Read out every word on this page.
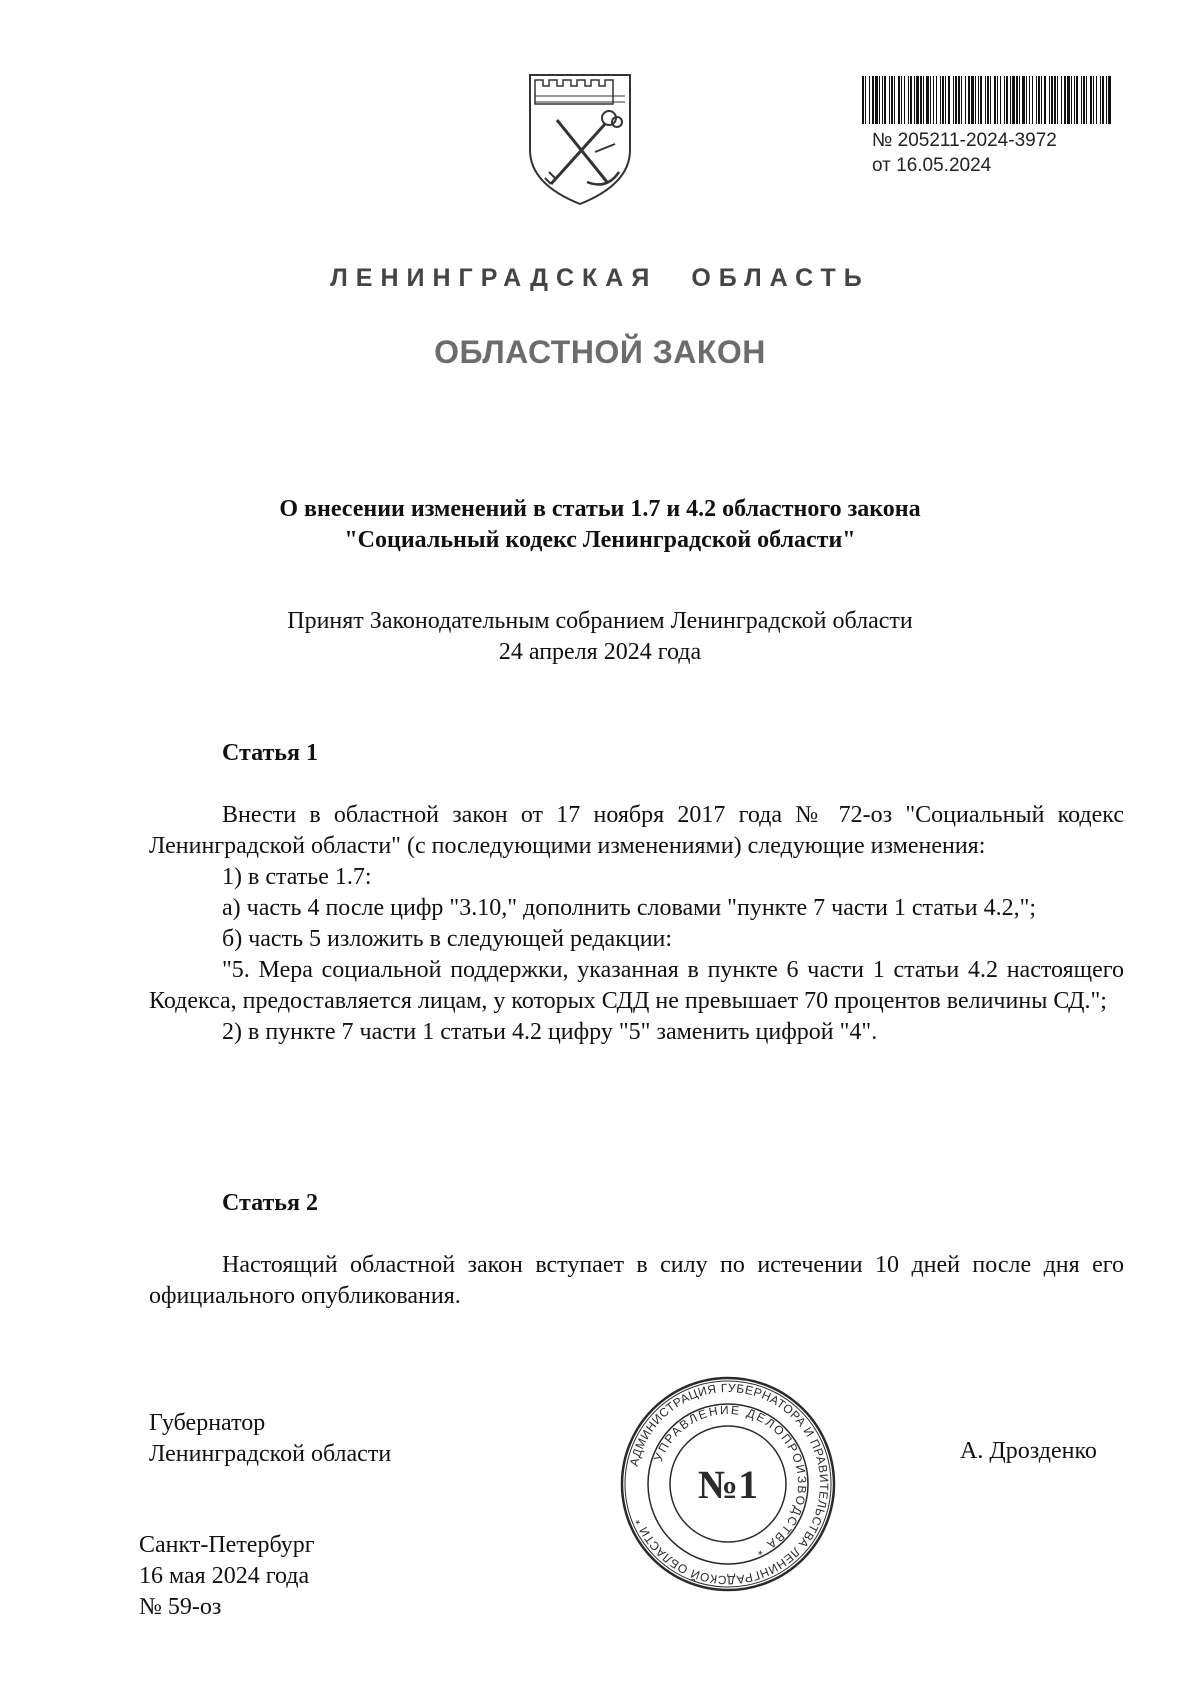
№ 205211-2024-3972
от 16.05.2024
ЛЕНИНГРАДСКАЯ ОБЛАСТЬ
ОБЛАСТНОЙ ЗАКОН
О внесении изменений в статьи 1.7 и 4.2 областного закона
"Социальный кодекс Ленинградской области"
Принят Законодательным собранием Ленинградской области
24 апреля 2024 года
Статья 1

Внести в областной закон от 17 ноября 2017 года № 72-оз "Социальный кодекс Ленинградской области" (с последующими изменениями) следующие изменения:

1) в статье 1.7:

а) часть 4 после цифр "3.10," дополнить словами "пункте 7 части 1 статьи 4.2,";

б) часть 5 изложить в следующей редакции:

"5. Мера социальной поддержки, указанная в пункте 6 части 1 статьи 4.2 настоящего Кодекса, предоставляется лицам, у которых СДД не превышает 70 процентов величины СД.";

2) в пункте 7 части 1 статьи 4.2 цифру "5" заменить цифрой "4".

Статья 2

Настоящий областной закон вступает в силу по истечении 10 дней после дня его официального опубликования.

Губернатор
Ленинградской области	А. Дрозденко
АДМИНИСТРАЦИЯ ГУБЕРНАТОРА И ПРАВИТЕЛЬСТВА ЛЕНИНГРАДСКОЙ ОБЛАСТИ *
УПРАВЛЕНИЕ ДЕЛОПРОИЗВОДСТВА *
№1
Санкт-Петербург
16 мая 2024 года
№ 59-оз
